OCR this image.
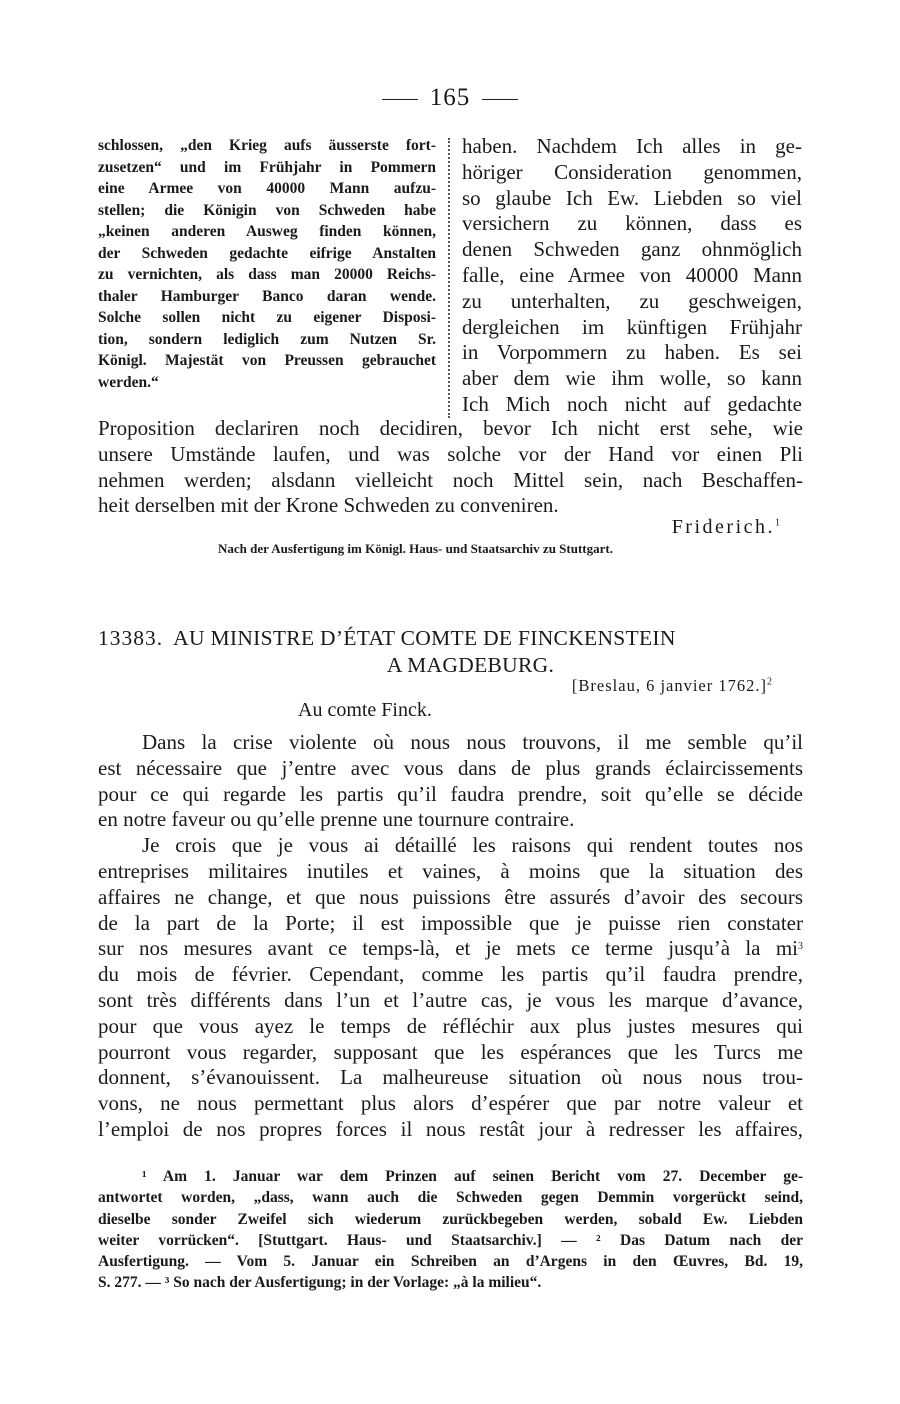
165
schlossen, „den Krieg aufs äusserste fort-
zusetzen“ und im Frühjahr in Pommern
eine Armee von 40000 Mann aufzu-
stellen; die Königin von Schweden habe
„keinen anderen Ausweg finden können,
der Schweden gedachte eifrige Anstalten
zu vernichten, als dass man 20000 Reichs-
thaler Hamburger Banco daran wende.
Solche sollen nicht zu eigener Disposi-
tion, sondern lediglich zum Nutzen Sr.
Königl. Majestät von Preussen gebrauchet
werden.“
haben. Nachdem Ich alles in ge-
höriger Consideration genommen,
so glaube Ich Ew. Liebden so viel
versichern zu können, dass es
denen Schweden ganz ohnmöglich
falle, eine Armee von 40000 Mann
zu unterhalten, zu geschweigen,
dergleichen im künftigen Frühjahr
in Vorpommern zu haben. Es sei
aber dem wie ihm wolle, so kann
Ich Mich noch nicht auf gedachte
Proposition declariren noch decidiren, bevor Ich nicht erst sehe, wie
unsere Umstände laufen, und was solche vor der Hand vor einen Pli
nehmen werden; alsdann vielleicht noch Mittel sein, nach Beschaffen-
heit derselben mit der Krone Schweden zu conveniren.
Friderich.$^1$
Nach der Ausfertigung im Königl. Haus- und Staatsarchiv zu Stuttgart.
13383. AU MINISTRE D’ÉTAT COMTE DE FINCKENSTEIN
A MAGDEBURG.
[Breslau, 6 janvier 1762.]$^2$
Au comte Finck.
Dans la crise violente où nous nous trouvons, il me semble qu’il
est nécessaire que j’entre avec vous dans de plus grands éclaircissements
pour ce qui regarde les partis qu’il faudra prendre, soit qu’elle se décide
en notre faveur ou qu’elle prenne une tournure contraire.
Je crois que je vous ai détaillé les raisons qui rendent toutes nos
entreprises militaires inutiles et vaines, à moins que la situation des
affaires ne change, et que nous puissions être assurés d’avoir des secours
de la part de la Porte; il est impossible que je puisse rien constater
sur nos mesures avant ce temps-là, et je mets ce terme jusqu’à la $mi^3$
du mois de février. Cependant, comme les partis qu’il faudra prendre,
sont très différents dans l’un et l’autre cas, je vous les marque d’avance,
pour que vous ayez le temps de réfléchir aux plus justes mesures qui
pourront vous regarder, supposant que les espérances que les Turcs me
donnent, s’évanouissent. La malheureuse situation où nous nous trou-
vons, ne nous permettant plus alors d’espérer que par notre valeur et
l’emploi de nos propres forces il nous restât jour à redresser les affaires,
¹ Am 1. Januar war dem Prinzen auf seinen Bericht vom 27. December ge-
antwortet worden, „dass, wann auch die Schweden gegen Demmin vorgerückt seind,
dieselbe sonder Zweifel sich wiederum zurückbegeben werden, sobald Ew. Liebden
weiter vorrücken“. [Stuttgart. Haus- und Staatsarchiv.] — ² Das Datum nach der
Ausfertigung. — Vom 5. Januar ein Schreiben an d’Argens in den Œuvres, Bd. 19,
S. 277. — ³ So nach der Ausfertigung; in der Vorlage: „à la milieu“.
